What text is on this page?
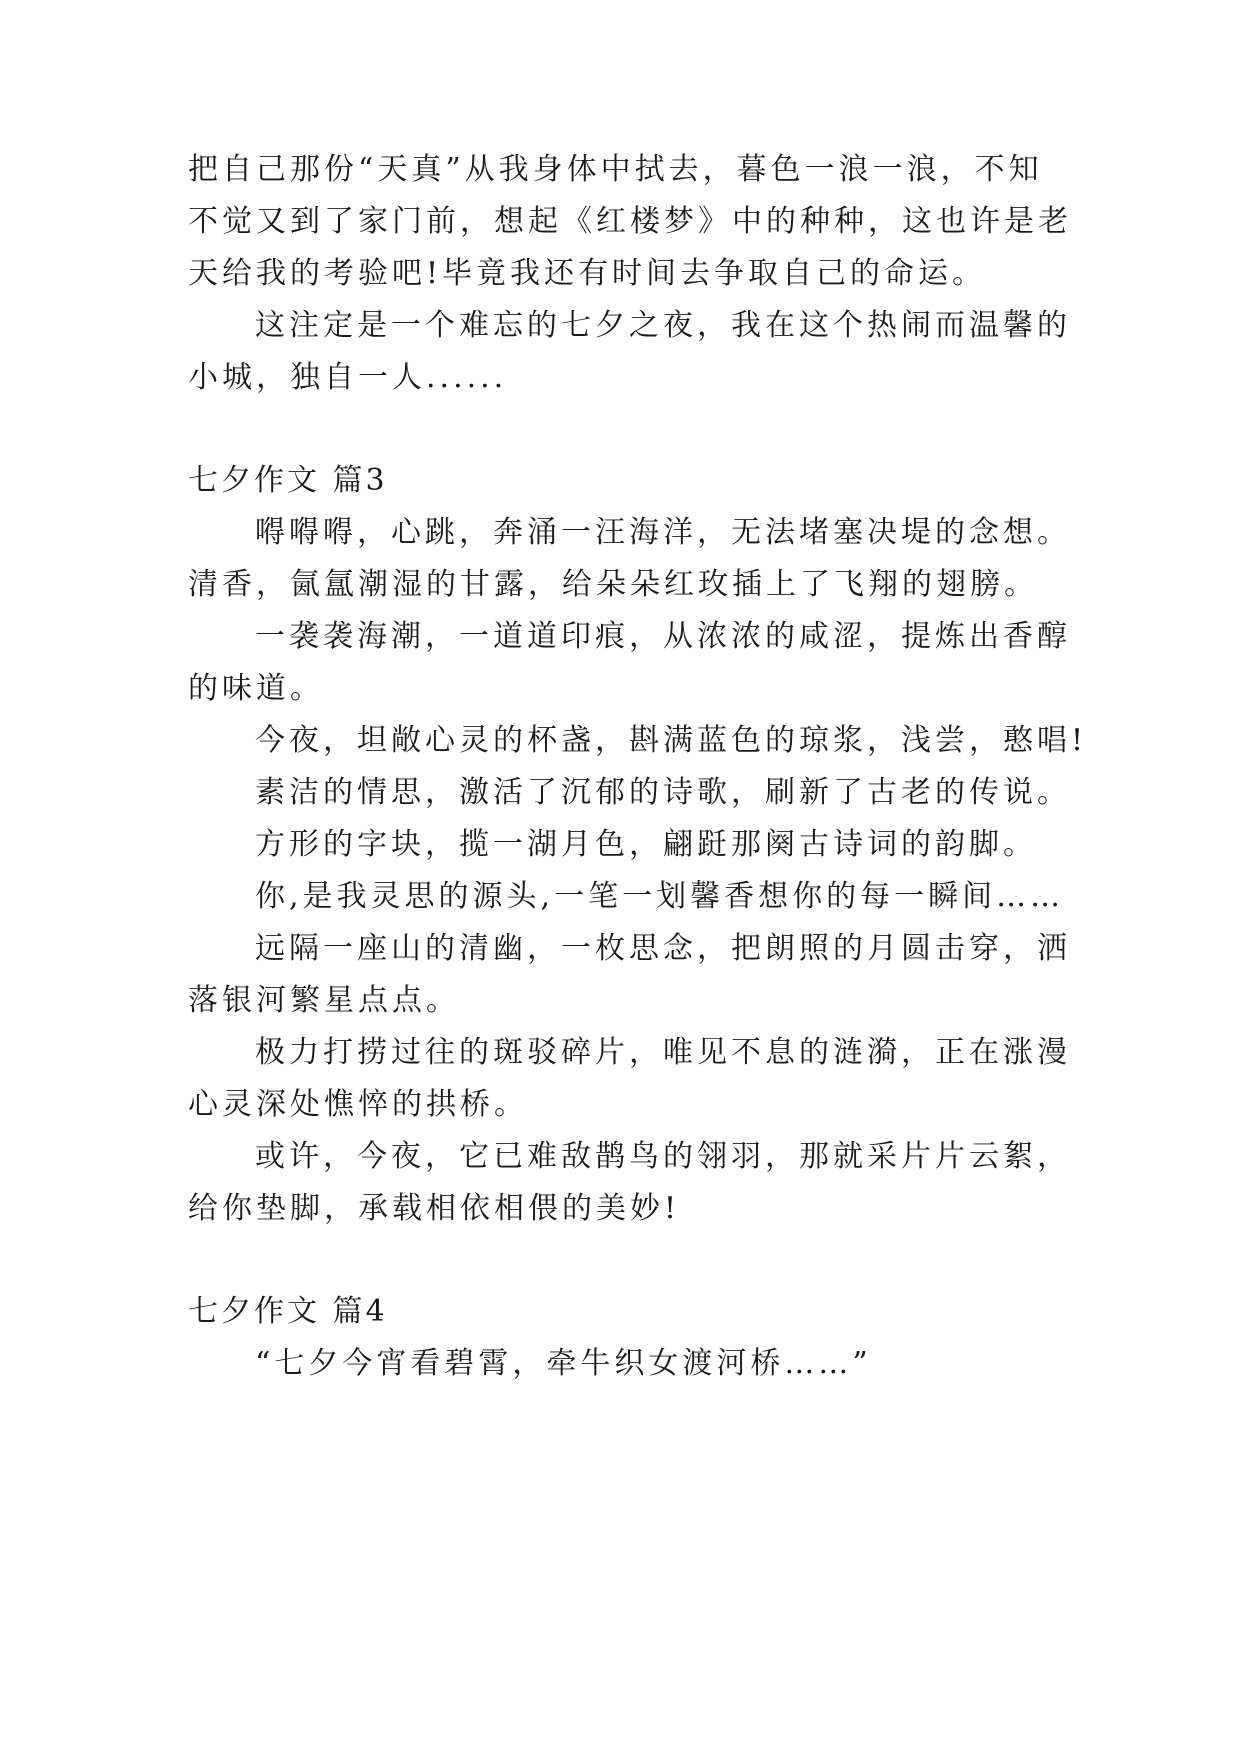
把自己那份“天真”从我身体中拭去，暮色一浪一浪，不知
不觉又到了家门前，想起《红楼梦》中的种种，这也许是老
天给我的考验吧!毕竟我还有时间去争取自己的命运。
这注定是一个难忘的七夕之夜，我在这个热闹而温馨的
小城，独自一人......
七夕作文 篇3
嘚嘚嘚，心跳，奔涌一汪海洋，无法堵塞决堤的念想。
清香，氤氲潮湿的甘露，给朵朵红玫插上了飞翔的翅膀。
一袭袭海潮，一道道印痕，从浓浓的咸涩，提炼出香醇
的味道。
今夜，坦敞心灵的杯盏，斟满蓝色的琼浆，浅尝，憨唱!
素洁的情思，激活了沉郁的诗歌，刷新了古老的传说。
方形的字块，揽一湖月色，翩跹那阕古诗词的韵脚。
你,是我灵思的源头,一笔一划馨香想你的每一瞬间……
远隔一座山的清幽，一枚思念，把朗照的月圆击穿，洒
落银河繁星点点。
极力打捞过往的斑驳碎片，唯见不息的涟漪，正在涨漫
心灵深处憔悴的拱桥。
或许，今夜，它已难敌鹊鸟的翎羽，那就采片片云絮，
给你垫脚，承载相依相偎的美妙!
七夕作文 篇4
“七夕今宵看碧霄，牵牛织女渡河桥……”
